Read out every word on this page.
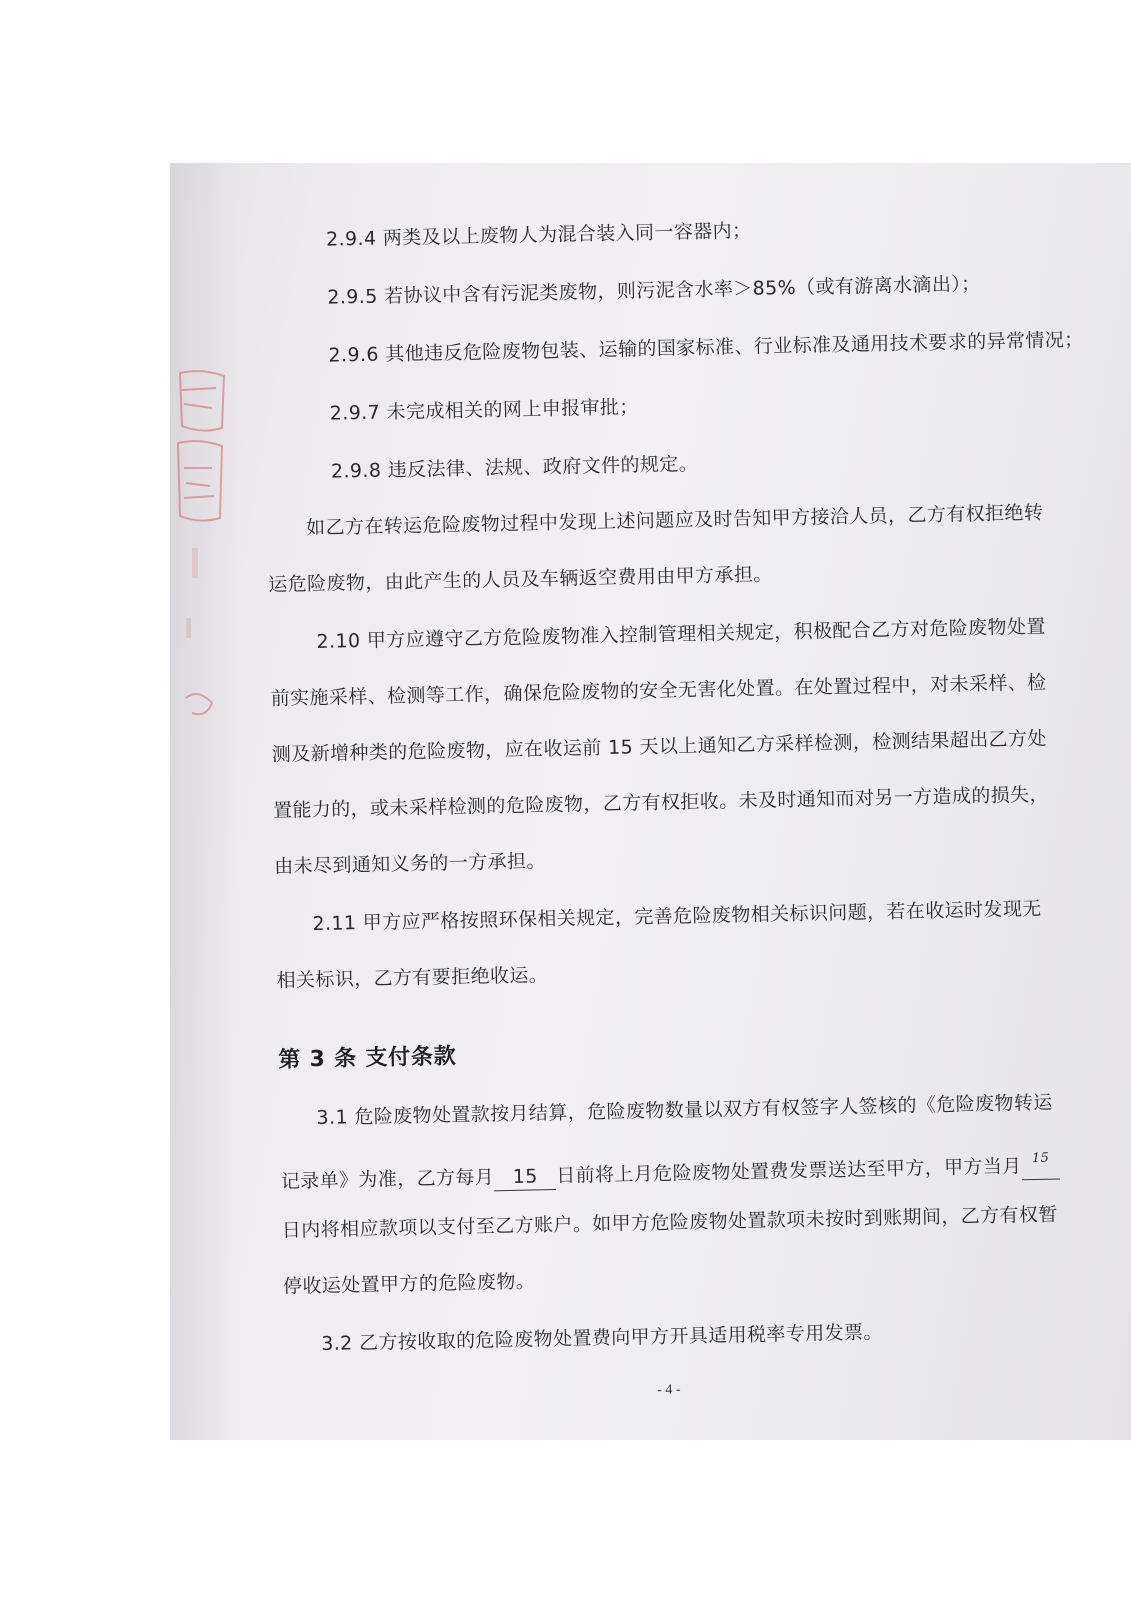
2.9.4 两类及以上废物人为混合装入同一容器内；
2.9.5 若协议中含有污泥类废物，则污泥含水率＞85%（或有游离水滴出）；
2.9.6 其他违反危险废物包装、运输的国家标准、行业标准及通用技术要求的异常情况；
2.9.7 未完成相关的网上申报审批；
2.9.8 违反法律、法规、政府文件的规定。
如乙方在转运危险废物过程中发现上述问题应及时告知甲方接洽人员，乙方有权拒绝转
运危险废物，由此产生的人员及车辆返空费用由甲方承担。
2.10 甲方应遵守乙方危险废物准入控制管理相关规定，积极配合乙方对危险废物处置
前实施采样、检测等工作，确保危险废物的安全无害化处置。在处置过程中，对未采样、检
测及新增种类的危险废物，应在收运前 15 天以上通知乙方采样检测，检测结果超出乙方处
置能力的，或未采样检测的危险废物，乙方有权拒收。未及时通知而对另一方造成的损失，
由未尽到通知义务的一方承担。
2.11 甲方应严格按照环保相关规定，完善危险废物相关标识问题，若在收运时发现无
相关标识，乙方有要拒绝收运。
第 3 条 支付条款
3.1 危险废物处置款按月结算，危险废物数量以双方有权签字人签核的《危险废物转运
记录单》为准，乙方每月 15 日前将上月危险废物处置费发票送达至甲方，甲方当月 $^{15}$
日内将相应款项以支付至乙方账户。如甲方危险废物处置款项未按时到账期间，乙方有权暂
停收运处置甲方的危险废物。
3.2 乙方按收取的危险废物处置费向甲方开具适用税率专用发票。
- 4 -
